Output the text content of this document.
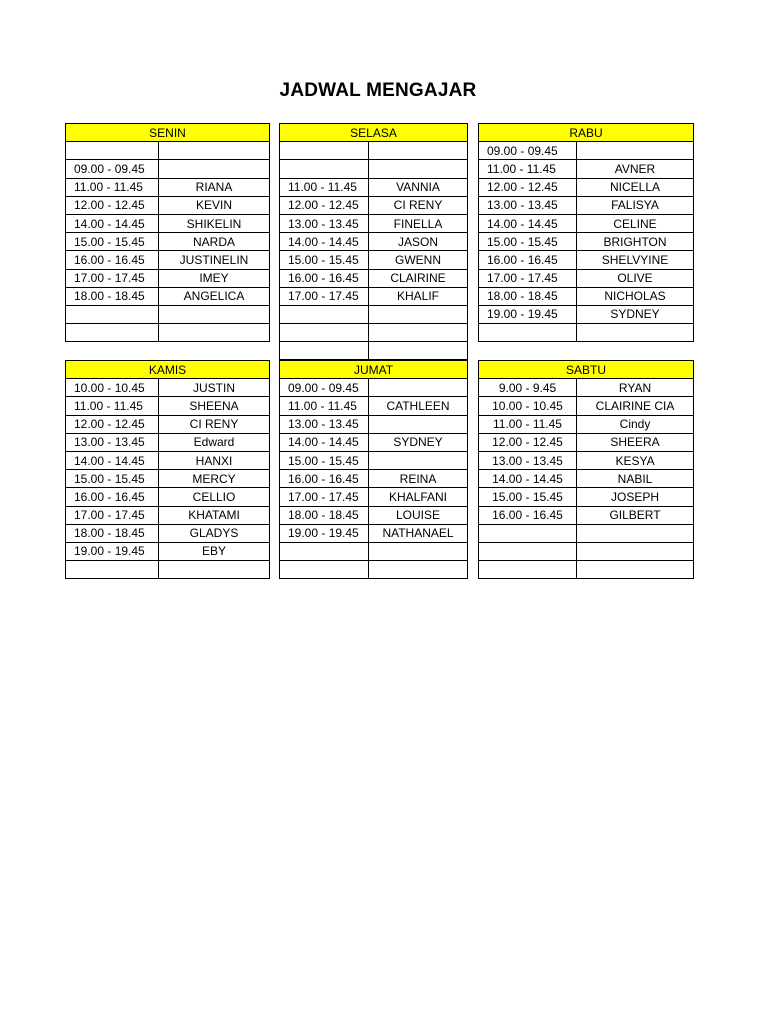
JADWAL MENGAJAR
SENIN	

09.00 - 09.45	
11.00 - 11.45	RIANA
12.00 - 12.45	KEVIN
14.00 - 14.45	SHIKELIN
15.00 - 15.45	NARDA
16.00 - 16.45	JUSTINELIN
17.00 - 17.45	IMEY
18.00 - 18.45	ANGELICA

SELASA	

11.00 - 11.45	VANNIA
12.00 - 12.45	CI RENY
13.00 - 13.45	FINELLA
14.00 - 14.45	JASON
15.00 - 15.45	GWENN
16.00 - 16.45	CLAIRINE
17.00 - 17.45	KHALIF

RABU	
09.00 - 09.45	
11.00 - 11.45	AVNER
12.00 - 12.45	NICELLA
13.00 - 13.45	FALISYA
14.00 - 14.45	CELINE
15.00 - 15.45	BRIGHTON
16.00 - 16.45	SHELVYINE
17.00 - 17.45	OLIVE
18.00 - 18.45	NICHOLAS
19.00 - 19.45	SYDNEY

KAMIS	
10.00 - 10.45	JUSTIN
11.00 - 11.45	SHEENA
12.00 - 12.45	CI RENY
13.00 - 13.45	Edward
14.00 - 14.45	HANXI
15.00 - 15.45	MERCY
16.00 - 16.45	CELLIO
17.00 - 17.45	KHATAMI
18.00 - 18.45	GLADYS
19.00 - 19.45	EBY

JUMAT	
09.00 - 09.45	
11.00 - 11.45	CATHLEEN
13.00 - 13.45	
14.00 - 14.45	SYDNEY
15.00 - 15.45	
16.00 - 16.45	REINA
17.00 - 17.45	KHALFANI
18.00 - 18.45	LOUISE
19.00 - 19.45	NATHANAEL

SABTU	
9.00 - 9.45	RYAN
10.00 - 10.45	CLAIRINE CIA
11.00 - 11.45	Cindy
12.00 - 12.45	SHEERA
13.00 - 13.45	KESYA
14.00 - 14.45	NABIL
15.00 - 15.45	JOSEPH
16.00 - 16.45	GILBERT
